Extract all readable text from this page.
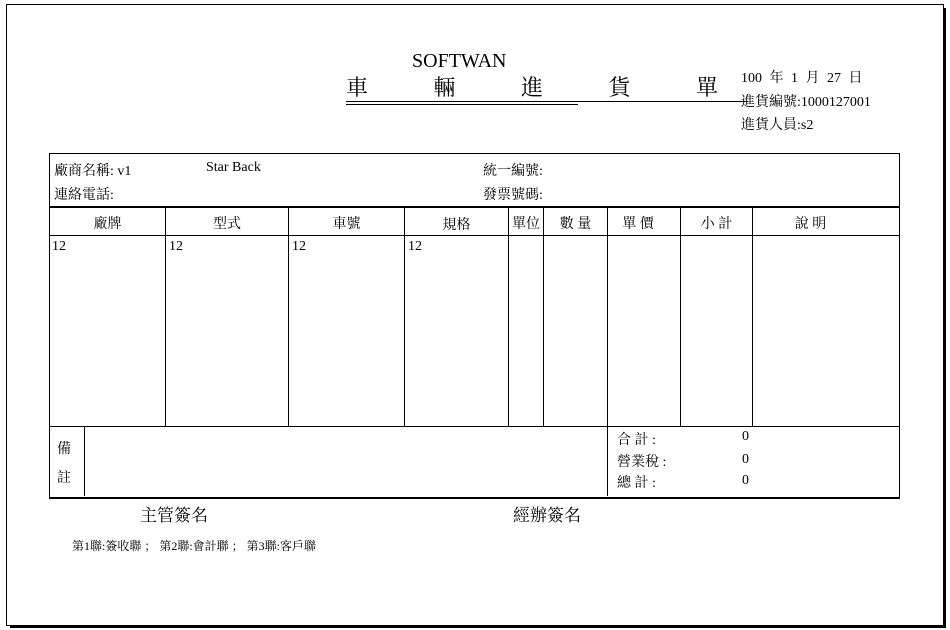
SOFTWAN
車 輛 進 貨 單
100 年 1 月 27 日
進貨編號:1000127001
進貨人員:s2
廠商名稱: v1	Star Back
連絡電話:
統一編號:
發票號碼:
廠牌	型式	車號	規格	單位	數 量	單 價	小 計	說 明
12	12	12	12
備
註
合 計 :	0
營業稅 :	0
總 計 :	0
主管簽名	經辦簽名
第1聯:簽收聯 ； 第2聯:會計聯 ； 第3聯:客戶聯
